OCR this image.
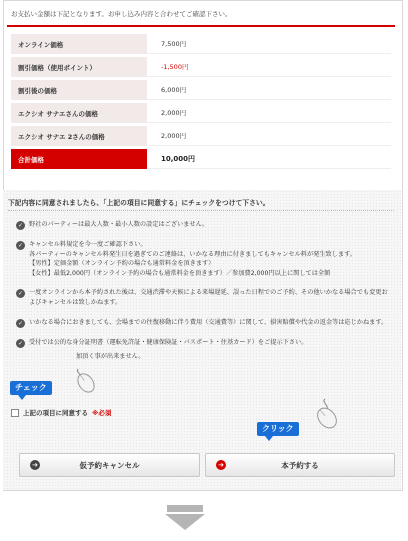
お支払い金額は下記となります。お申し込み内容と合わせてご確認下さい。
オンライン価格	7,500円
割引価格（使用ポイント）	-1,500円
割引後の価格	6,000円
エクシオ サナエさんの価格	2,000円
エクシオ サナエ 2さんの価格	2,000円
合計価格	10,000円
下記内容に同意されましたら、「上記の項目に同意する」にチェックをつけて下さい。
✓ 野社のパーティーは最大人数・最小人数の設定はございません。
✓ キャンセル料規定を今一度ご確認下さい。
各パーティーのキャンセル料発生日を過ぎてのご連絡は、いかなる理由に付きましてもキャンセル料が発生致します。
【男性】定価金額（オンライン予約の場合も通常料金を頂きます）
【女性】最低2,000円（オンライン予約の場合も通常料金を頂きます）／参加費2,000円以上に関しては全額
✓ 一度オンラインから本予約された後は、交通渋滞や天候による来場遅延、誤った日程でのご予約、その他いかなる場合でも変更およびキャンセルは致しかねます。
✓ いかなる場合におきましても、会場までの往復移動に伴う費用（交通費等）に関して、損害賠償や代金の返金等は応じかねます。
✓ 受付では公的な身分証明書（運転免許証・健康保険証・パスポート・住基カード）をご提示下さい。
加頂く事が出来ません。
チェック
上記の項目に同意する ※必須
クリック
➔	仮予約キャンセル	➔	本予約する
